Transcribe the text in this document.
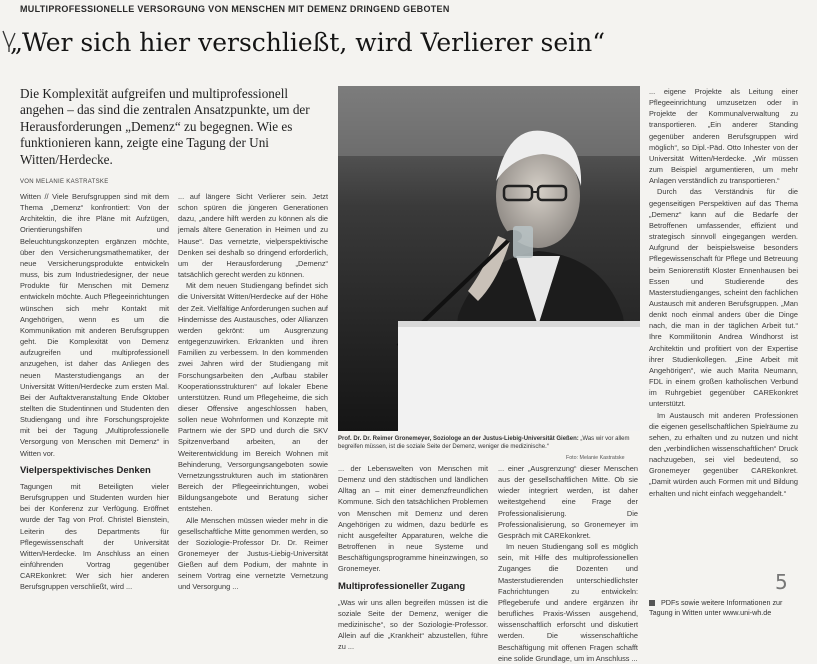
MULTIPROFESSIONELLE VERSORGUNG VON MENSCHEN MIT DEMENZ DRINGEND GEBOTEN
„Wer sich hier verschließt, wird Verlierer sein“
Die Komplexität aufgreifen und multiprofessionell angehen – das sind die zentralen Ansatzpunkte, um der Herausforderungen „Demenz“ zu begegnen. Wie es funktionieren kann, zeigte eine Tagung der Uni Witten/Herdecke.
VON MELANIE KASTRATSKE

Witten // Viele Berufsgruppen sind mit dem Thema „Demenz“ konfrontiert: Von der Architektin, die ihre Pläne mit Aufzügen, Orientierungshilfen und Beleuchtungskonzepten ergänzen möchte, über den Versicherungsmathematiker, der neue Versicherungsprodukte entwickeln muss, bis zum Industriedesigner, der neue Produkte für Menschen mit Demenz entwickeln möchte. Auch Pflegeeinrichtungen wünschen sich mehr Kontakt mit Angehörigen, wenn es um die Kommunikation mit anderen Berufsgruppen geht. Die Komplexität von Demenz aufzugreifen und multiprofessionell anzugehen, ist daher das Anliegen des neuen Masterstudiengangs an der Universität Witten/Herdecke zum ersten Mal. Bei der Auftaktveranstaltung Ende Oktober stellten die Studentinnen und Studenten den Studiengang und ihre Forschungsprojekte mit bei der Tagung „Multiprofessionelle Versorgung von Menschen mit Demenz“ in Witten vor.

Vielperspektivisches Denken

Tagungen mit Beteiligten vieler Berufsgruppen und Studenten wurden hier bei der Konferenz zur Verfügung. Eröffnet wurde der Tag von Prof. Christel Bienstein, Leiterin des Departments für Pflegewissenschaft der Universität Witten/Herdecke. Im Anschluss an einen einführenden Vortrag gegenüber CAREkonkret: Wer sich hier anderen Berufsgruppen verschließt, wird ...

... auf längere Sicht Verlierer sein. Jetzt schon spüren die jüngeren Generationen dazu, „andere hilft werden zu können als die jemals ältere Generation in Heimen und zu Hause“. Das vernetzte, vielperspektivische Denken sei deshalb so dringend erforderlich, um der Herausforderung „Demenz“ tatsächlich gerecht werden zu können.

Mit dem neuen Studiengang befindet sich die Universität Witten/Herdecke auf der Höhe der Zeit. Vielfältige Anforderungen suchen auf Hindernisse des Austausches, oder Allianzen werden gekrönt: um Ausgrenzung entgegenzuwirken. Erkrankten und ihren Familien zu verbessern. In den kommenden zwei Jahren wird der Studiengang mit Forschungsarbeiten den „Aufbau stabiler Kooperationsstrukturen“ auf lokaler Ebene unterstützen. Rund um Pflegeheime, die sich dieser Offensive angeschlossen haben, sollen neue Wohnformen und Konzepte mit Partnern wie der SPD und durch die SKV Spitzenverband arbeiten, an der Weiterentwicklung im Bereich Wohnen mit Behinderung, Versorgungsangeboten sowie Vernetzungsstrukturen auch im stationären Bereich der Pflegeeinrichtungen, wobei Bildungsangebote und Beratung sicher entstehen.

Alle Menschen müssen wieder mehr in die gesellschaftliche Mitte genommen werden, so der Soziologie-Professor Dr. Dr. Reimer Gronemeyer der Justus-Liebig-Universität Gießen auf dem Podium, der mahnte in seinem Vortrag eine vernetzte Vernetzung und Versorgung ...

Prof. Dr. Dr. Reimer Gronemeyer, Soziologe an der Justus-Liebig-Universität Gießen: „Was wir vor allem begreifen müssen, ist die soziale Seite der Demenz, weniger die medizinische.“
Foto: Melanie Kastratske

... der Lebenswelten von Menschen mit Demenz und den städtischen und ländlichen Alltag an – mit einer demenzfreundlichen Kommune. Sich den tatsächlichen Problemen von Menschen mit Demenz und deren Angehörigen zu widmen, dazu bedürfe es nicht ausgefeilter Apparaturen, welche die Betroffenen in neue Systeme und Beschäftigungsprogramme hineinzwingen, so Gronemeyer.

Multiprofessioneller Zugang

„Was wir uns allen begreifen müssen ist die soziale Seite der Demenz, weniger die medizinische“, so der Soziologie-Professor. Allein auf die „Krankheit“ abzustellen, führe zu ...

... einer „Ausgrenzung“ dieser Menschen aus der gesellschaftlichen Mitte. Ob sie wieder integriert werden, ist daher weitestgehend eine Frage der Professionalisierung. Die Professionalisierung, so Gronemeyer im Gespräch mit CAREkonkret.

Im neuen Studiengang soll es möglich sein, mit Hilfe des multiprofessionellen Zuganges die Dozenten und Masterstudierenden unterschiedlichster Fachrichtungen zu entwickeln: Pflegeberufe und andere ergänzen ihr berufliches Praxis-Wissen ausgehend, wissenschaftlich erforscht und diskutiert werden. Die wissenschaftliche Beschäftigung mit offenen Fragen schafft eine solide Grundlage, um im Anschluss ...

... eigene Projekte als Leitung einer Pflegeeinrichtung umzusetzen oder in Projekte der Kommunalverwaltung zu transportieren. „Ein anderer Standing gegenüber anderen Berufsgruppen wird möglich“, so Dipl.-Päd. Otto Inhester von der Universität Witten/Herdecke. „Wir müssen zum Beispiel argumentieren, um mehr Anlagen verständlich zu transportieren.“

Durch das Verständnis für die gegenseitigen Perspektiven auf das Thema „Demenz“ kann auf die Bedarfe der Betroffenen umfassender, effizient und strategisch sinnvoll eingegangen werden. Aufgrund der beispielsweise besonders Pflegewissenschaft für Pflege und Betreuung beim Seniorenstift Kloster Ennenhausen bei Essen und Studierende des Masterstudienganges, scheint den fachlichen Austausch mit anderen Berufsgruppen. „Man denkt noch einmal anders über die Dinge nach, die man in der täglichen Arbeit tut.“ Ihre Kommilitonin Andrea Windhorst ist Architektin und profitiert von der Expertise ihrer Studienkollegen. „Eine Arbeit mit Angehörigen“, wie auch Marita Neumann, FDL in einem großen katholischen Verbund im Ruhrgebiet gegenüber CAREkonkret unterstützt.

Im Austausch mit anderen Professionen die eigenen gesellschaftlichen Spielräume zu sehen, zu erhalten und zu nutzen und nicht den „verbindlichen wissenschaftlichen“ Druck nachzugeben, sei viel bedeutend, so Gronemeyer gegenüber CAREkonkret. „Damit würden auch Formen mit und Bildung erhalten und nicht einfach weggehandelt.“

5
PDFs sowie weitere Informationen zur Tagung in Witten unter www.uni-wh.de
